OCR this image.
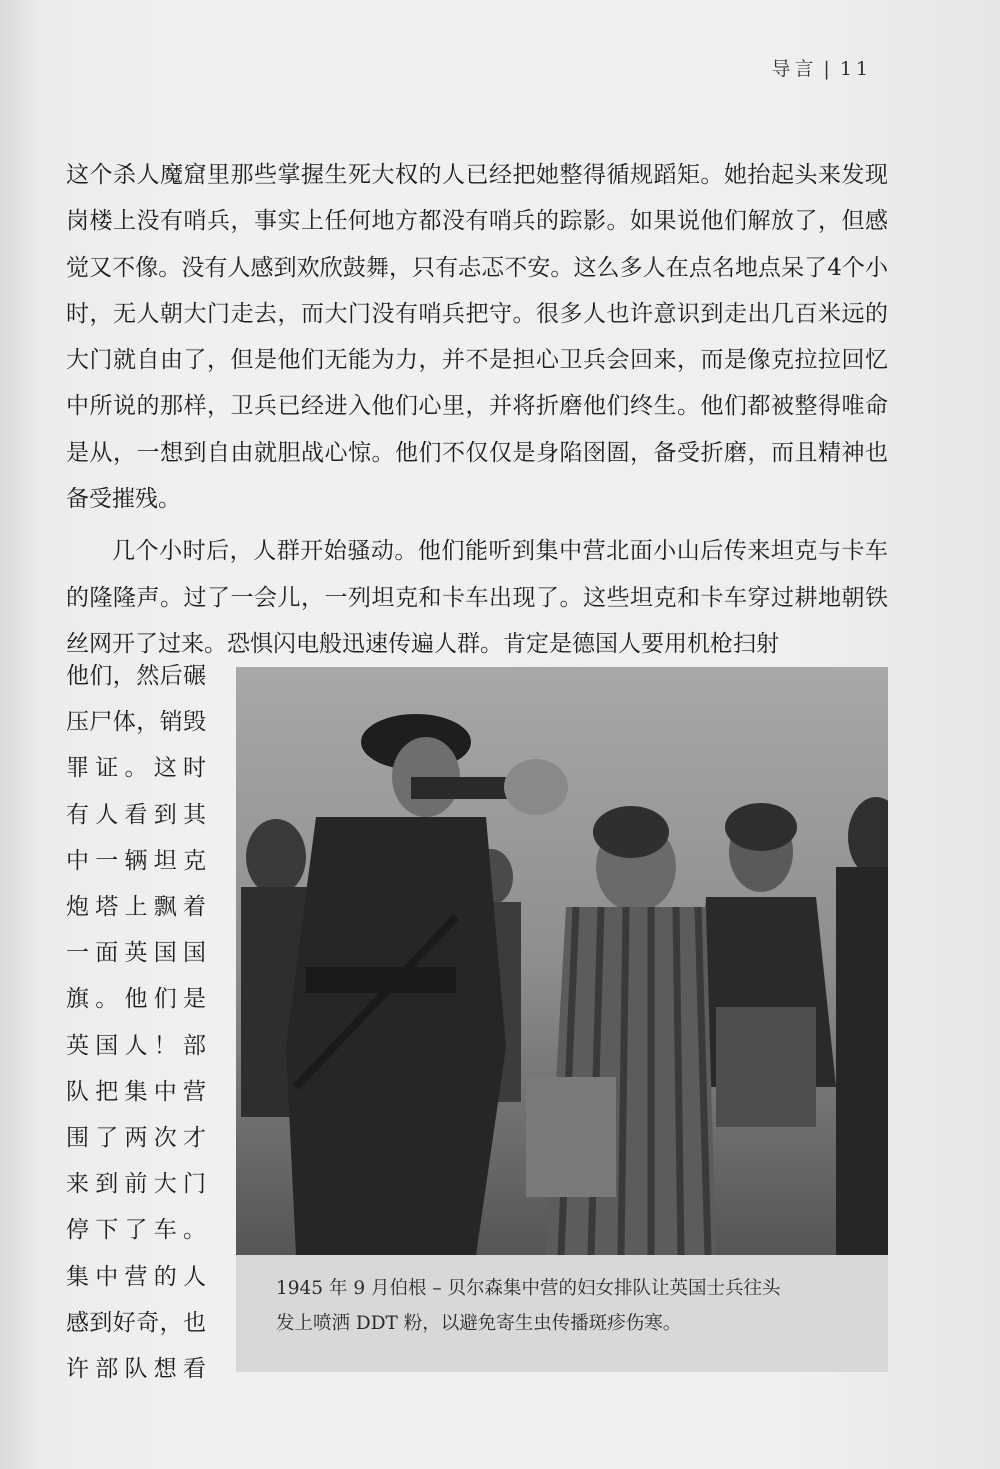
导言 | 11

这个杀人魔窟里那些掌握生死大权的人已经把她整得循规蹈矩。她抬起头来发现岗楼上没有哨兵，事实上任何地方都没有哨兵的踪影。如果说他们解放了，但感觉又不像。没有人感到欢欣鼓舞，只有忐忑不安。这么多人在点名地点呆了4个小时，无人朝大门走去，而大门没有哨兵把守。很多人也许意识到走出几百米远的大门就自由了，但是他们无能为力，并不是担心卫兵会回来，而是像克拉拉回忆中所说的那样，卫兵已经进入他们心里，并将折磨他们终生。他们都被整得唯命是从，一想到自由就胆战心惊。他们不仅仅是身陷囹圄，备受折磨，而且精神也备受摧残。

几个小时后，人群开始骚动。他们能听到集中营北面小山后传来坦克与卡车的隆隆声。过了一会儿，一列坦克和卡车出现了。这些坦克和卡车穿过耕地朝铁丝网开了过来。恐惧闪电般迅速传遍人群。肯定是德国人要用机枪扫射

他们，然后碾
压尸体，销毁
罪证。这时
有人看到其
中一辆坦克
炮塔上飘着
一面英国国
旗。他们是
英国人！部
队把集中营
围了两次才
来到前大门
停下了车。
集中营的人
感到好奇，也
许部队想看
1945 年 9 月伯根 – 贝尔森集中营的妇女排队让英国士兵往头
发上喷洒 DDT 粉，以避免寄生虫传播斑疹伤寒。
